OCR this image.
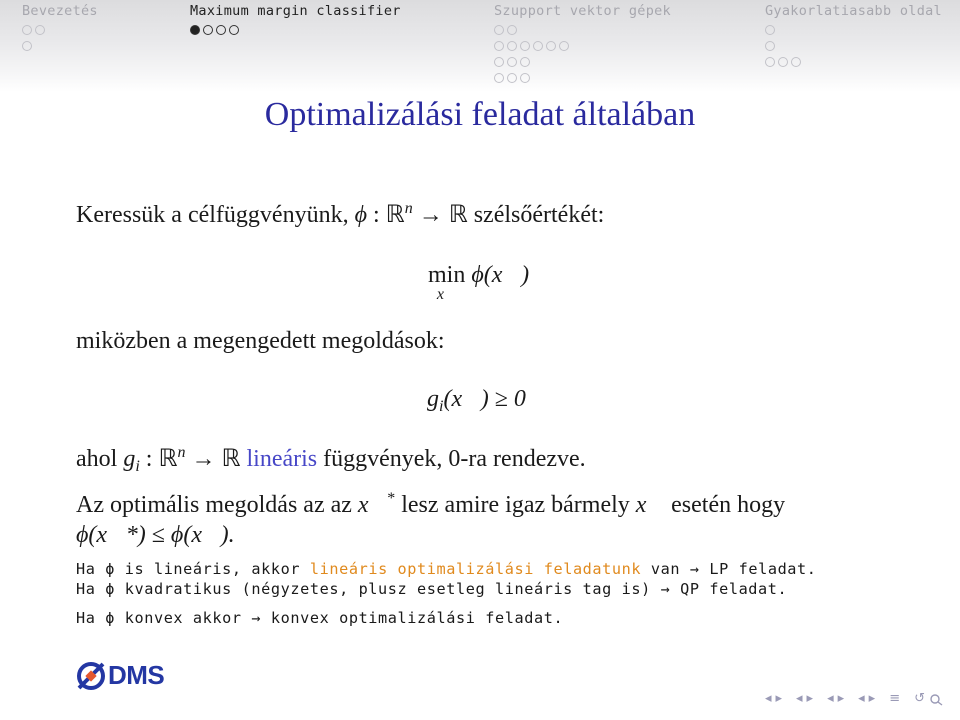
Bevezetés	Maximum margin classifier	Szupport vektor gépek	Gyakorlatiasabb oldal
Optimalizálási feladat általában
Keressük a célfüggvényünk, ϕ : ℝ$^n$ → ℝ szélsőértékét:
min
x⃗
ϕ(x⃗)
miközben a megengedett megoldások:
$g_i(x⃗) \ge 0$
ahol $g_i$ : ℝ$^n$ → ℝ lineáris függvények, 0-ra rendezve.
Az optimális megoldás az az x⃗* lesz amire igaz bármely x⃗ esetén hogy
ϕ(x⃗*) ≤ ϕ(x⃗).
Ha ϕ is lineáris, akkor lineáris optimalizálási feladatunk van → LP feladat.
Ha ϕ kvadratikus (négyzetes, plusz esetleg lineáris tag is) → QP feladat.
Ha ϕ konvex akkor → konvex optimalizálási feladat.
DMS
◂ ▸ ◂ ▸ ◂ ▸ ◂ ▸ ≡ ↺
